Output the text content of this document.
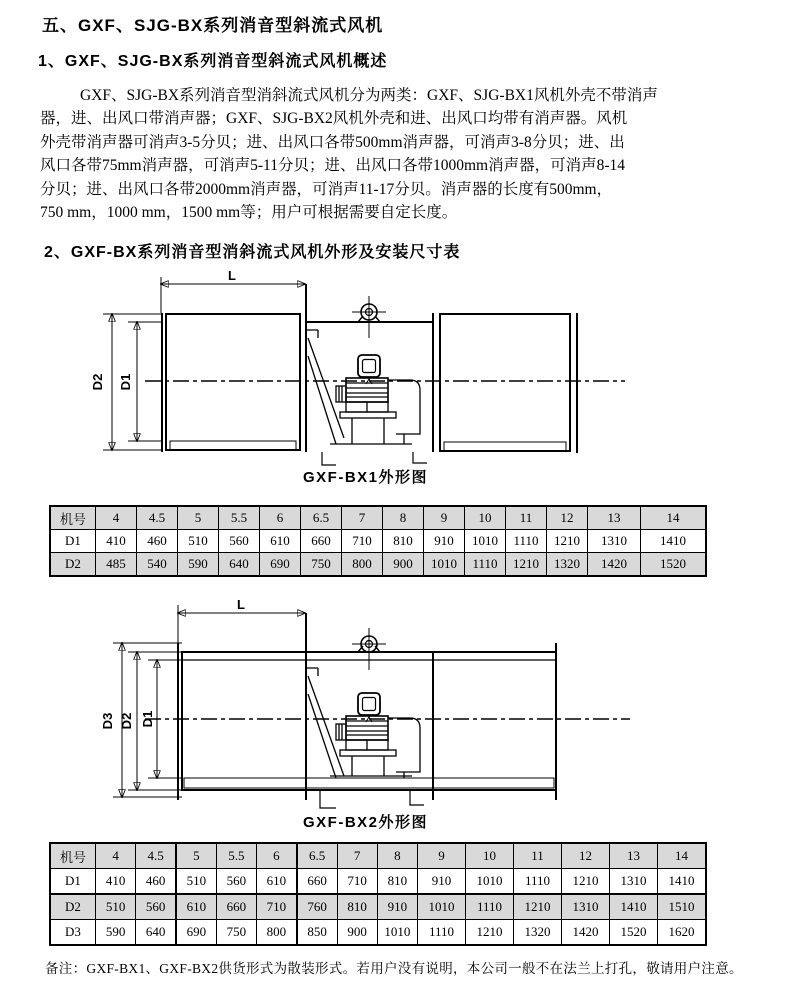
五、GXF、SJG-BX系列消音型斜流式风机
1、GXF、SJG-BX系列消音型斜流式风机概述
GXF、SJG-BX系列消音型消斜流式风机分为两类：GXF、SJG-BX1风机外壳不带消声
器，进、出风口带消声器；GXF、SJG-BX2风机外壳和进、出风口均带有消声器。风机
外壳带消声器可消声3-5分贝；进、出风口各带500mm消声器，可消声3-8分贝；进、出
风口各带75mm消声器，可消声5-11分贝；进、出风口各带1000mm消声器，可消声8-14
分贝；进、出风口各带2000mm消声器，可消声11-17分贝。消声器的长度有500mm，
750 mm，1000 mm，1500 mm等；用户可根据需要自定长度。
2、GXF-BX系列消音型消斜流式风机外形及安装尺寸表
L
D2 D1
GXF-BX1外形图
机号	4	4.5	5	5.5	6	6.5	7	8	9	10	11	12	13	14
D1	410	460	510	560	610	660	710	810	910	1010	1110	1210	1310	1410
D2	485	540	590	640	690	750	800	900	1010	1110	1210	1320	1420	1520
L
D3 D2 D1
GXF-BX2外形图
机号	4	4.5	5	5.5	6	6.5	7	8	9	10	11	12	13	14
D1	410	460	510	560	610	660	710	810	910	1010	1110	1210	1310	1410
D2	510	560	610	660	710	760	810	910	1010	1110	1210	1310	1410	1510
D3	590	640	690	750	800	850	900	1010	1110	1210	1320	1420	1520	1620
备注：GXF-BX1、GXF-BX2供货形式为散装形式。若用户没有说明，本公司一般不在法兰上打孔，敬请用户注意。
